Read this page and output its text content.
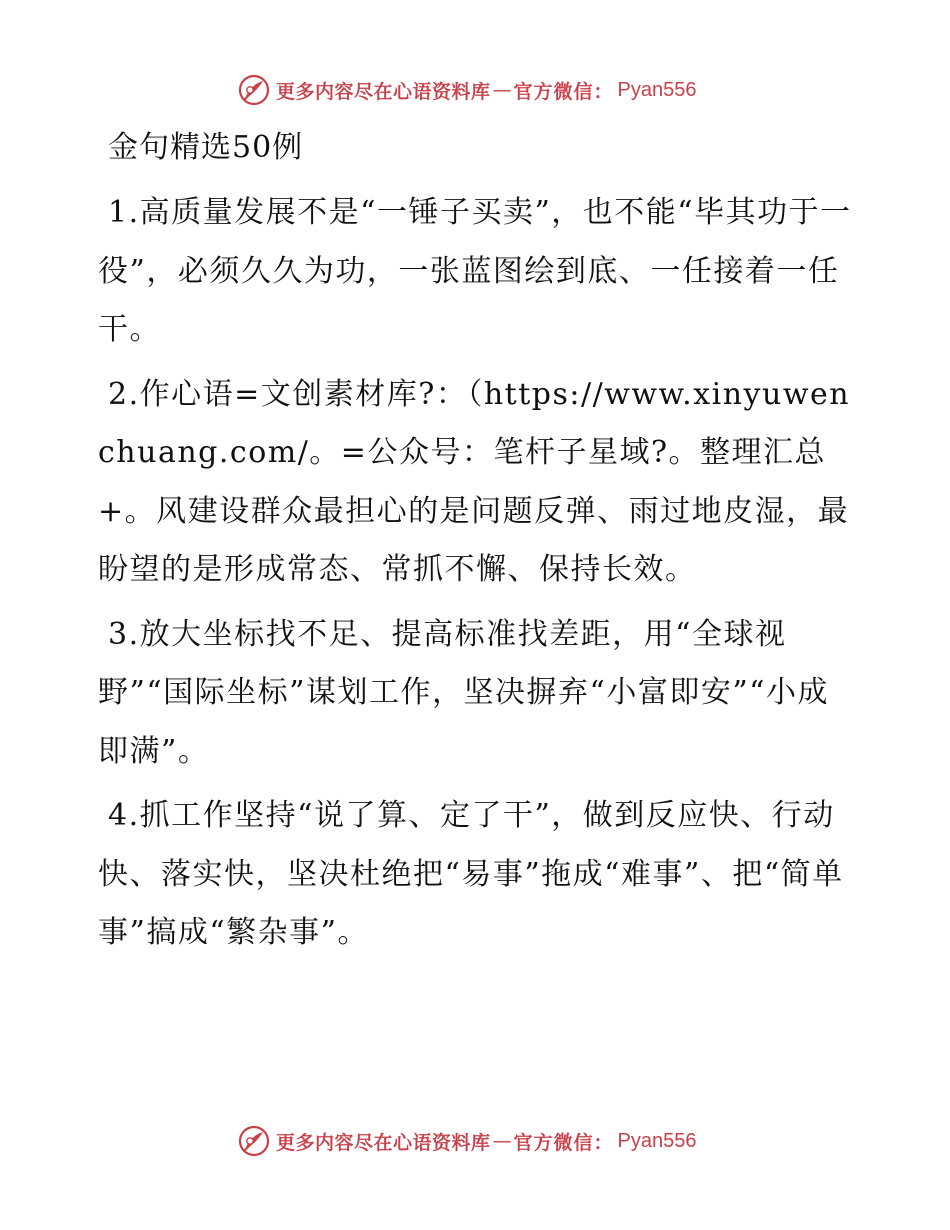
更多内容尽在心语资料库 — 官方微信： Pyan556
金句精选50例

1.高质量发展不是“一锤子买卖”，也不能“毕其功于一役”，必须久久为功，一张蓝图绘到底、一任接着一任干。

2.作心语=文创素材库?：（https://www.xinyuwenchuang.com/。=公众号：笔杆子星域?。整理汇总+。风建设群众最担心的是问题反弹、雨过地皮湿，最盼望的是形成常态、常抓不懈、保持长效。

3.放大坐标找不足、提高标准找差距，用“全球视野”“国际坐标”谋划工作，坚决摒弃“小富即安”“小成即满”。

4.抓工作坚持“说了算、定了干”，做到反应快、行动快、落实快，坚决杜绝把“易事”拖成“难事”、把“简单事”搞成“繁杂事”。

更多内容尽在心语资料库 — 官方微信： Pyan556
